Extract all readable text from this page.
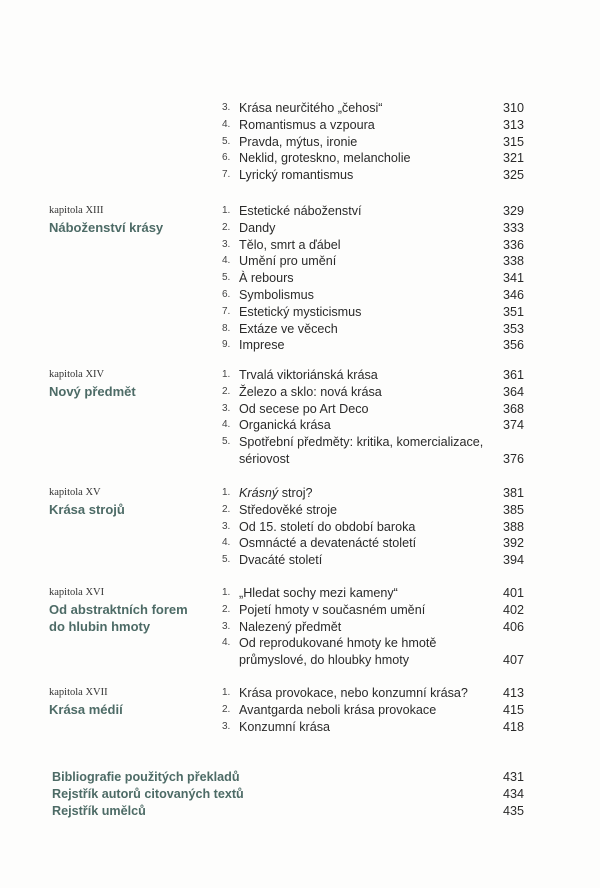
3. Krása neurčitého „čehosi“	310
4. Romantismus a vzpoura	313
5. Pravda, mýtus, ironie	315
6. Neklid, groteskno, melancholie	321
7. Lyrický romantismus	325
kapitola XIII
Náboženství krásy
1. Estetické náboženství	329
2. Dandy	333
3. Tělo, smrt a ďábel	336
4. Umění pro umění	338
5. À rebours	341
6. Symbolismus	346
7. Estetický mysticismus	351
8. Extáze ve věcech	353
9. Imprese	356
kapitola XIV
Nový předmět
1. Trvalá viktoriánská krása	361
2. Železo a sklo: nová krása	364
3. Od secese po Art Deco	368
4. Organická krása	374
5. Spotřební předměty: kritika, komercializace, sériovost	376
kapitola XV
Krása strojů
1. Krásný stroj?	381
2. Středověké stroje	385
3. Od 15. století do období baroka	388
4. Osmnácté a devatenácté století	392
5. Dvacáté století	394
kapitola XVI
Od abstraktních forem
do hlubin hmoty
1. „Hledat sochy mezi kameny“	401
2. Pojetí hmoty v současném umění	402
3. Nalezený předmět	406
4. Od reprodukované hmoty ke hmotě průmyslové, do hloubky hmoty	407
kapitola XVII
Krása médií
1. Krása provokace, nebo konzumní krása?	413
2. Avantgarda neboli krása provokace	415
3. Konzumní krása	418
Bibliografie použitých překladů	431
Rejstřík autorů citovaných textů	434
Rejstřík umělců	435
